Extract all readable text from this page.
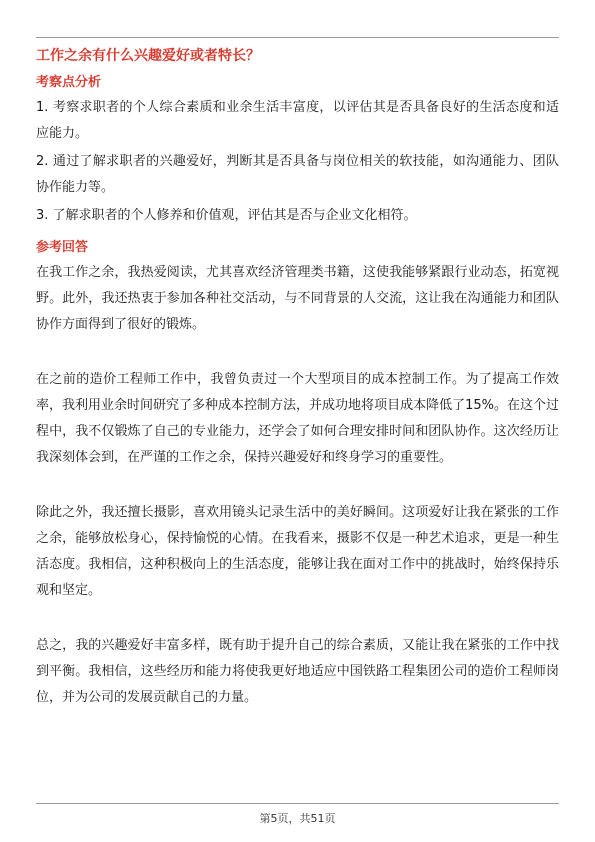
工作之余有什么兴趣爱好或者特长？
考察点分析

1. 考察求职者的个人综合素质和业余生活丰富度，以评估其是否具备良好的生活态度和适应能力。

2. 通过了解求职者的兴趣爱好，判断其是否具备与岗位相关的软技能，如沟通能力、团队协作能力等。

3. 了解求职者的个人修养和价值观，评估其是否与企业文化相符。

参考回答

在我工作之余，我热爱阅读，尤其喜欢经济管理类书籍，这使我能够紧跟行业动态，拓宽视野。此外，我还热衷于参加各种社交活动，与不同背景的人交流，这让我在沟通能力和团队协作方面得到了很好的锻炼。

在之前的造价工程师工作中，我曾负责过一个大型项目的成本控制工作。为了提高工作效率，我利用业余时间研究了多种成本控制方法，并成功地将项目成本降低了15%。在这个过程中，我不仅锻炼了自己的专业能力，还学会了如何合理安排时间和团队协作。这次经历让我深刻体会到，在严谨的工作之余，保持兴趣爱好和终身学习的重要性。

除此之外，我还擅长摄影，喜欢用镜头记录生活中的美好瞬间。这项爱好让我在紧张的工作之余，能够放松身心，保持愉悦的心情。在我看来，摄影不仅是一种艺术追求，更是一种生活态度。我相信，这种积极向上的生活态度，能够让我在面对工作中的挑战时，始终保持乐观和坚定。

总之，我的兴趣爱好丰富多样，既有助于提升自己的综合素质，又能让我在紧张的工作中找到平衡。我相信，这些经历和能力将使我更好地适应中国铁路工程集团公司的造价工程师岗位，并为公司的发展贡献自己的力量。

第5页，共51页
